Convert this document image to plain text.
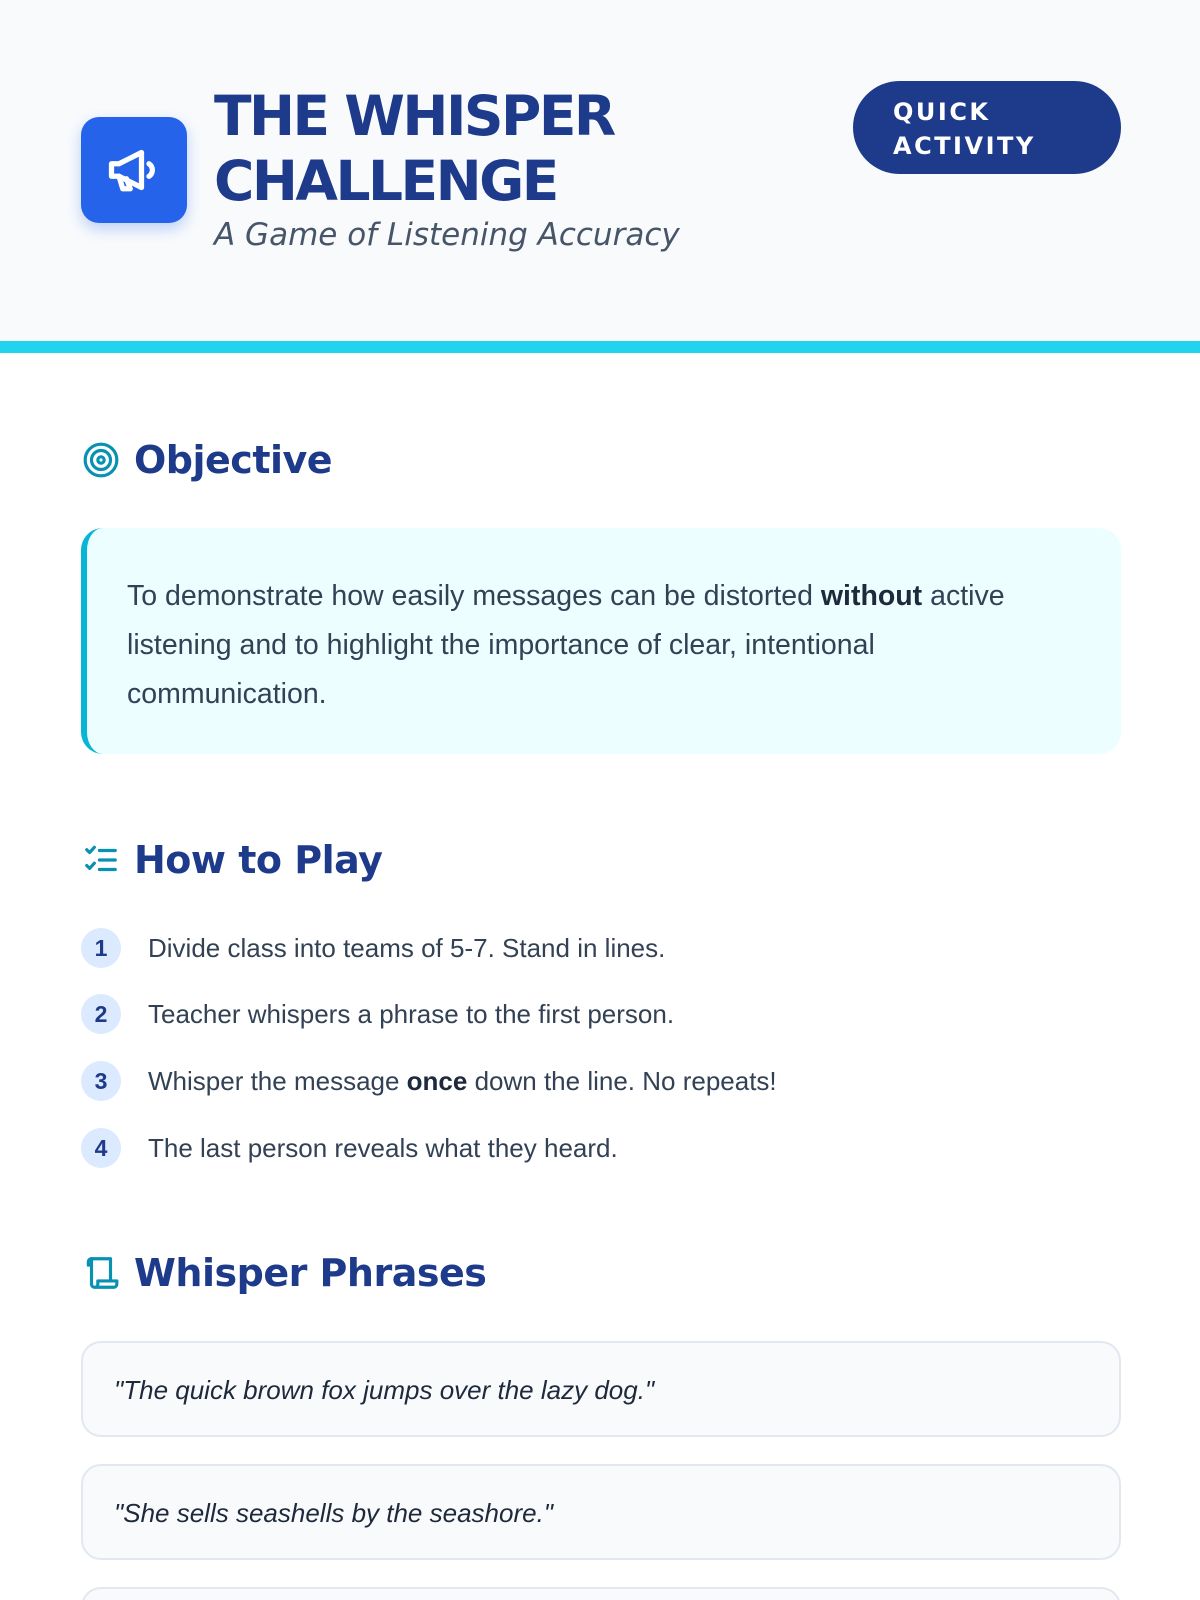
THE WHISPER
CHALLENGE
A Game of Listening Accuracy
QUICK
ACTIVITY
Objective
To demonstrate how easily messages can be distorted without active listening and to highlight the importance of clear, intentional communication.
How to Play
1	Divide class into teams of 5-7. Stand in lines.
2	Teacher whispers a phrase to the first person.
3	Whisper the message once down the line. No repeats!
4	The last person reveals what they heard.
Whisper Phrases
"The quick brown fox jumps over the lazy dog."
"She sells seashells by the seashore."
